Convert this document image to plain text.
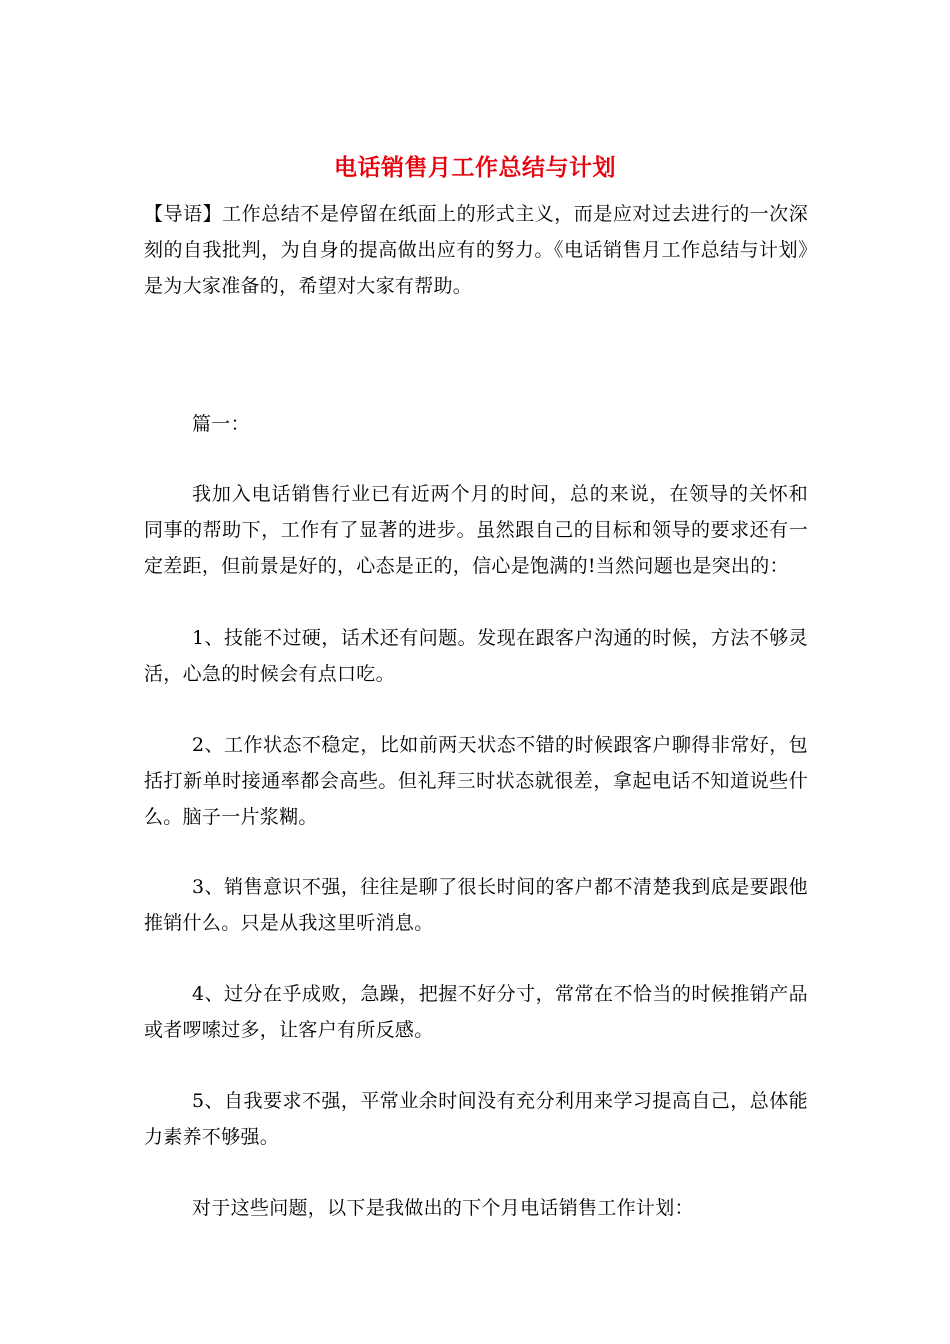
电话销售月工作总结与计划

【导语】工作总结不是停留在纸面上的形式主义，而是应对过去进行的一次深刻的自我批判，为自身的提高做出应有的努力。《电话销售月工作总结与计划》是为大家准备的，希望对大家有帮助。

篇一：

我加入电话销售行业已有近两个月的时间，总的来说，在领导的关怀和同事的帮助下，工作有了显著的进步。虽然跟自己的目标和领导的要求还有一定差距，但前景是好的，心态是正的，信心是饱满的!当然问题也是突出的：

1、技能不过硬，话术还有问题。发现在跟客户沟通的时候，方法不够灵活，心急的时候会有点口吃。

2、工作状态不稳定，比如前两天状态不错的时候跟客户聊得非常好，包括打新单时接通率都会高些。但礼拜三时状态就很差，拿起电话不知道说些什么。脑子一片浆糊。

3、销售意识不强，往往是聊了很长时间的客户都不清楚我到底是要跟他推销什么。只是从我这里听消息。

4、过分在乎成败，急躁，把握不好分寸，常常在不恰当的时候推销产品或者啰嗦过多，让客户有所反感。

5、自我要求不强，平常业余时间没有充分利用来学习提高自己，总体能力素养不够强。

对于这些问题，以下是我做出的下个月电话销售工作计划：
